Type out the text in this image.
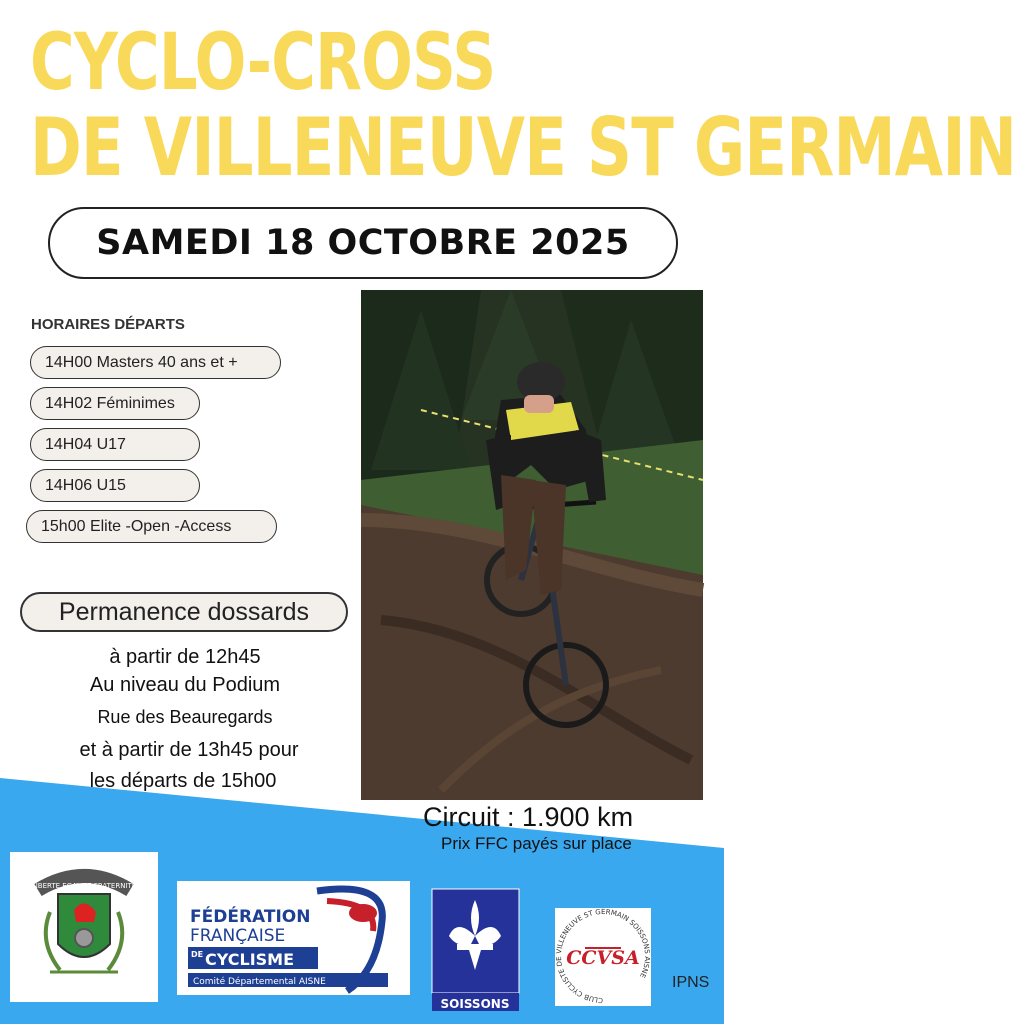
CYCLO-CROSS
DE VILLENEUVE ST GERMAIN
SAMEDI 18 OCTOBRE 2025
HORAIRES DÉPARTS
14H00 Masters 40 ans et +
14H02 Féminimes
14H04 U17
14H06 U15
15h00 Elite -Open -Access
Permanence dossards
à partir de 12h45
Au niveau du Podium
Rue des Beauregards
et à partir de 13h45 pour
les départs de 15h00
Circuit : 1.900 km
Prix FFC payés sur place
LIBERTE EGALITE FRATERNITE
FÉDÉRATION
FRANÇAISE
DE CYCLISME
Comité Départemental AISNE
SOISSONS	CLUB CYCLISTE DE VILLENEUVE ST GERMAIN SOISSONS AISNE
CCVSA
IPNS
